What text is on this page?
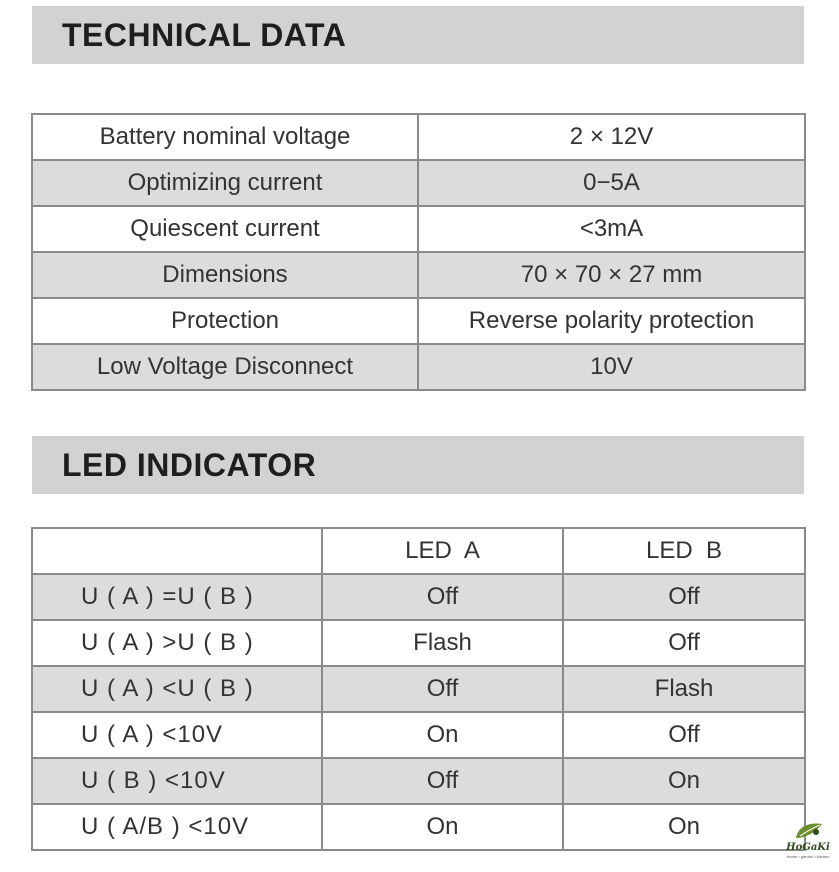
TECHNICAL DATA
Battery nominal voltage	2 × 12V
Optimizing current	0−5A
Quiescent current	<3mA
Dimensions	70 × 70 × 27 mm
Protection	Reverse polarity protection
Low Voltage Disconnect	10V
LED INDICATOR
	LED  A	LED  B
U ( A ) =U ( B )	Off	Off
U ( A ) >U ( B )	Flash	Off
U ( A ) <U ( B )	Off	Flash
U ( A ) <10V	On	Off
U ( B ) <10V	Off	On
U ( A/B ) <10V	On	On
HoGaKi
Home • garden • kitchen
